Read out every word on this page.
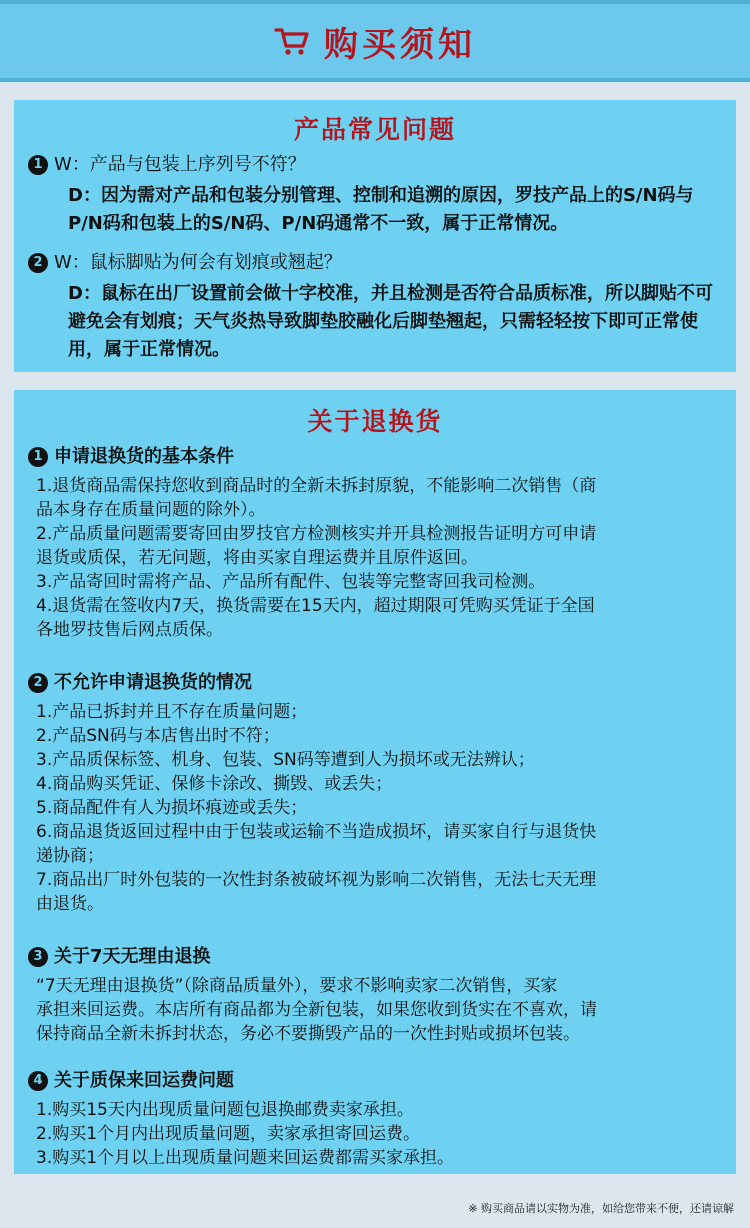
购买须知
产品常见问题
1 W：产品与包装上序列号不符？
D：因为需对产品和包装分别管理、控制和追溯的原因，罗技产品上的S/N码与P/N码和包装上的S/N码、P/N码通常不一致，属于正常情况。
2 W：鼠标脚贴为何会有划痕或翘起？
D：鼠标在出厂设置前会做十字校准，并且检测是否符合品质标准，所以脚贴不可避免会有划痕；天气炎热导致脚垫胶融化后脚垫翘起，只需轻轻按下即可正常使用，属于正常情况。
关于退换货
1 申请退换货的基本条件
1.退货商品需保持您收到商品时的全新未拆封原貌，不能影响二次销售（商
品本身存在质量问题的除外）。
2.产品质量问题需要寄回由罗技官方检测核实并开具检测报告证明方可申请
退货或质保，若无问题，将由买家自理运费并且原件返回。
3.产品寄回时需将产品、产品所有配件、包装等完整寄回我司检测。
4.退货需在签收内7天，换货需要在15天内，超过期限可凭购买凭证于全国
各地罗技售后网点质保。
2 不允许申请退换货的情况
1.产品已拆封并且不存在质量问题；
2.产品SN码与本店售出时不符；
3.产品质保标签、机身、包装、SN码等遭到人为损坏或无法辨认；
4.商品购买凭证、保修卡涂改、撕毁、或丢失；
5.商品配件有人为损坏痕迹或丢失；
6.商品退货返回过程中由于包装或运输不当造成损坏，请买家自行与退货快
递协商；
7.商品出厂时外包装的一次性封条被破坏视为影响二次销售，无法七天无理
由退货。
3 关于7天无理由退换
“7天无理由退换货”（除商品质量外），要求不影响卖家二次销售，买家
承担来回运费。本店所有商品都为全新包装，如果您收到货实在不喜欢，请
保持商品全新未拆封状态，务必不要撕毁产品的一次性封贴或损坏包装。
4 关于质保来回运费问题
1.购买15天内出现质量问题包退换邮费卖家承担。
2.购买1个月内出现质量问题，卖家承担寄回运费。
3.购买1个月以上出现质量问题来回运费都需买家承担。
※ 购买商品请以实物为准，如给您带来不便，还请谅解
